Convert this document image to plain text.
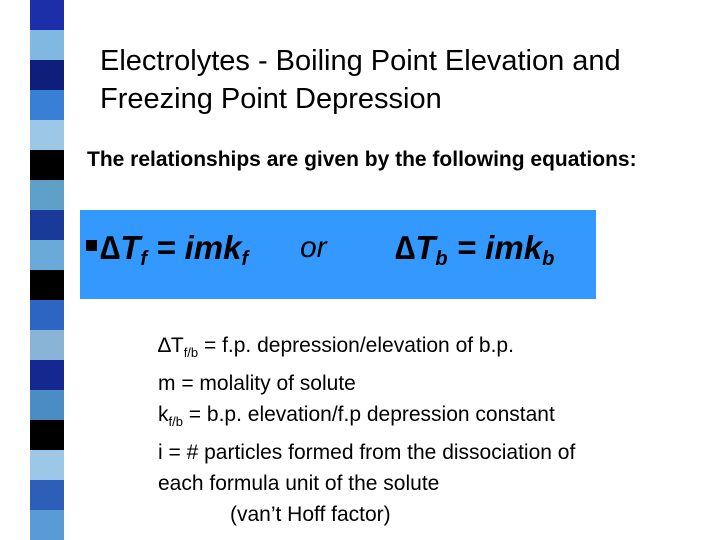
Electrolytes - Boiling Point Elevation and
Freezing Point Depression
The relationships are given by the following equations:
$\Delta T_f = imk_f$ or $\Delta T_b = imk_b$
$\Delta T_{f/b} = f.p$. depression/elevation of b.p.
m = molality of solute
$k_{f/b} = b.p$. elevation/f.p depression constant
i = # particles formed from the dissociation of
each formula unit of the solute
(van’t Hoff factor)
